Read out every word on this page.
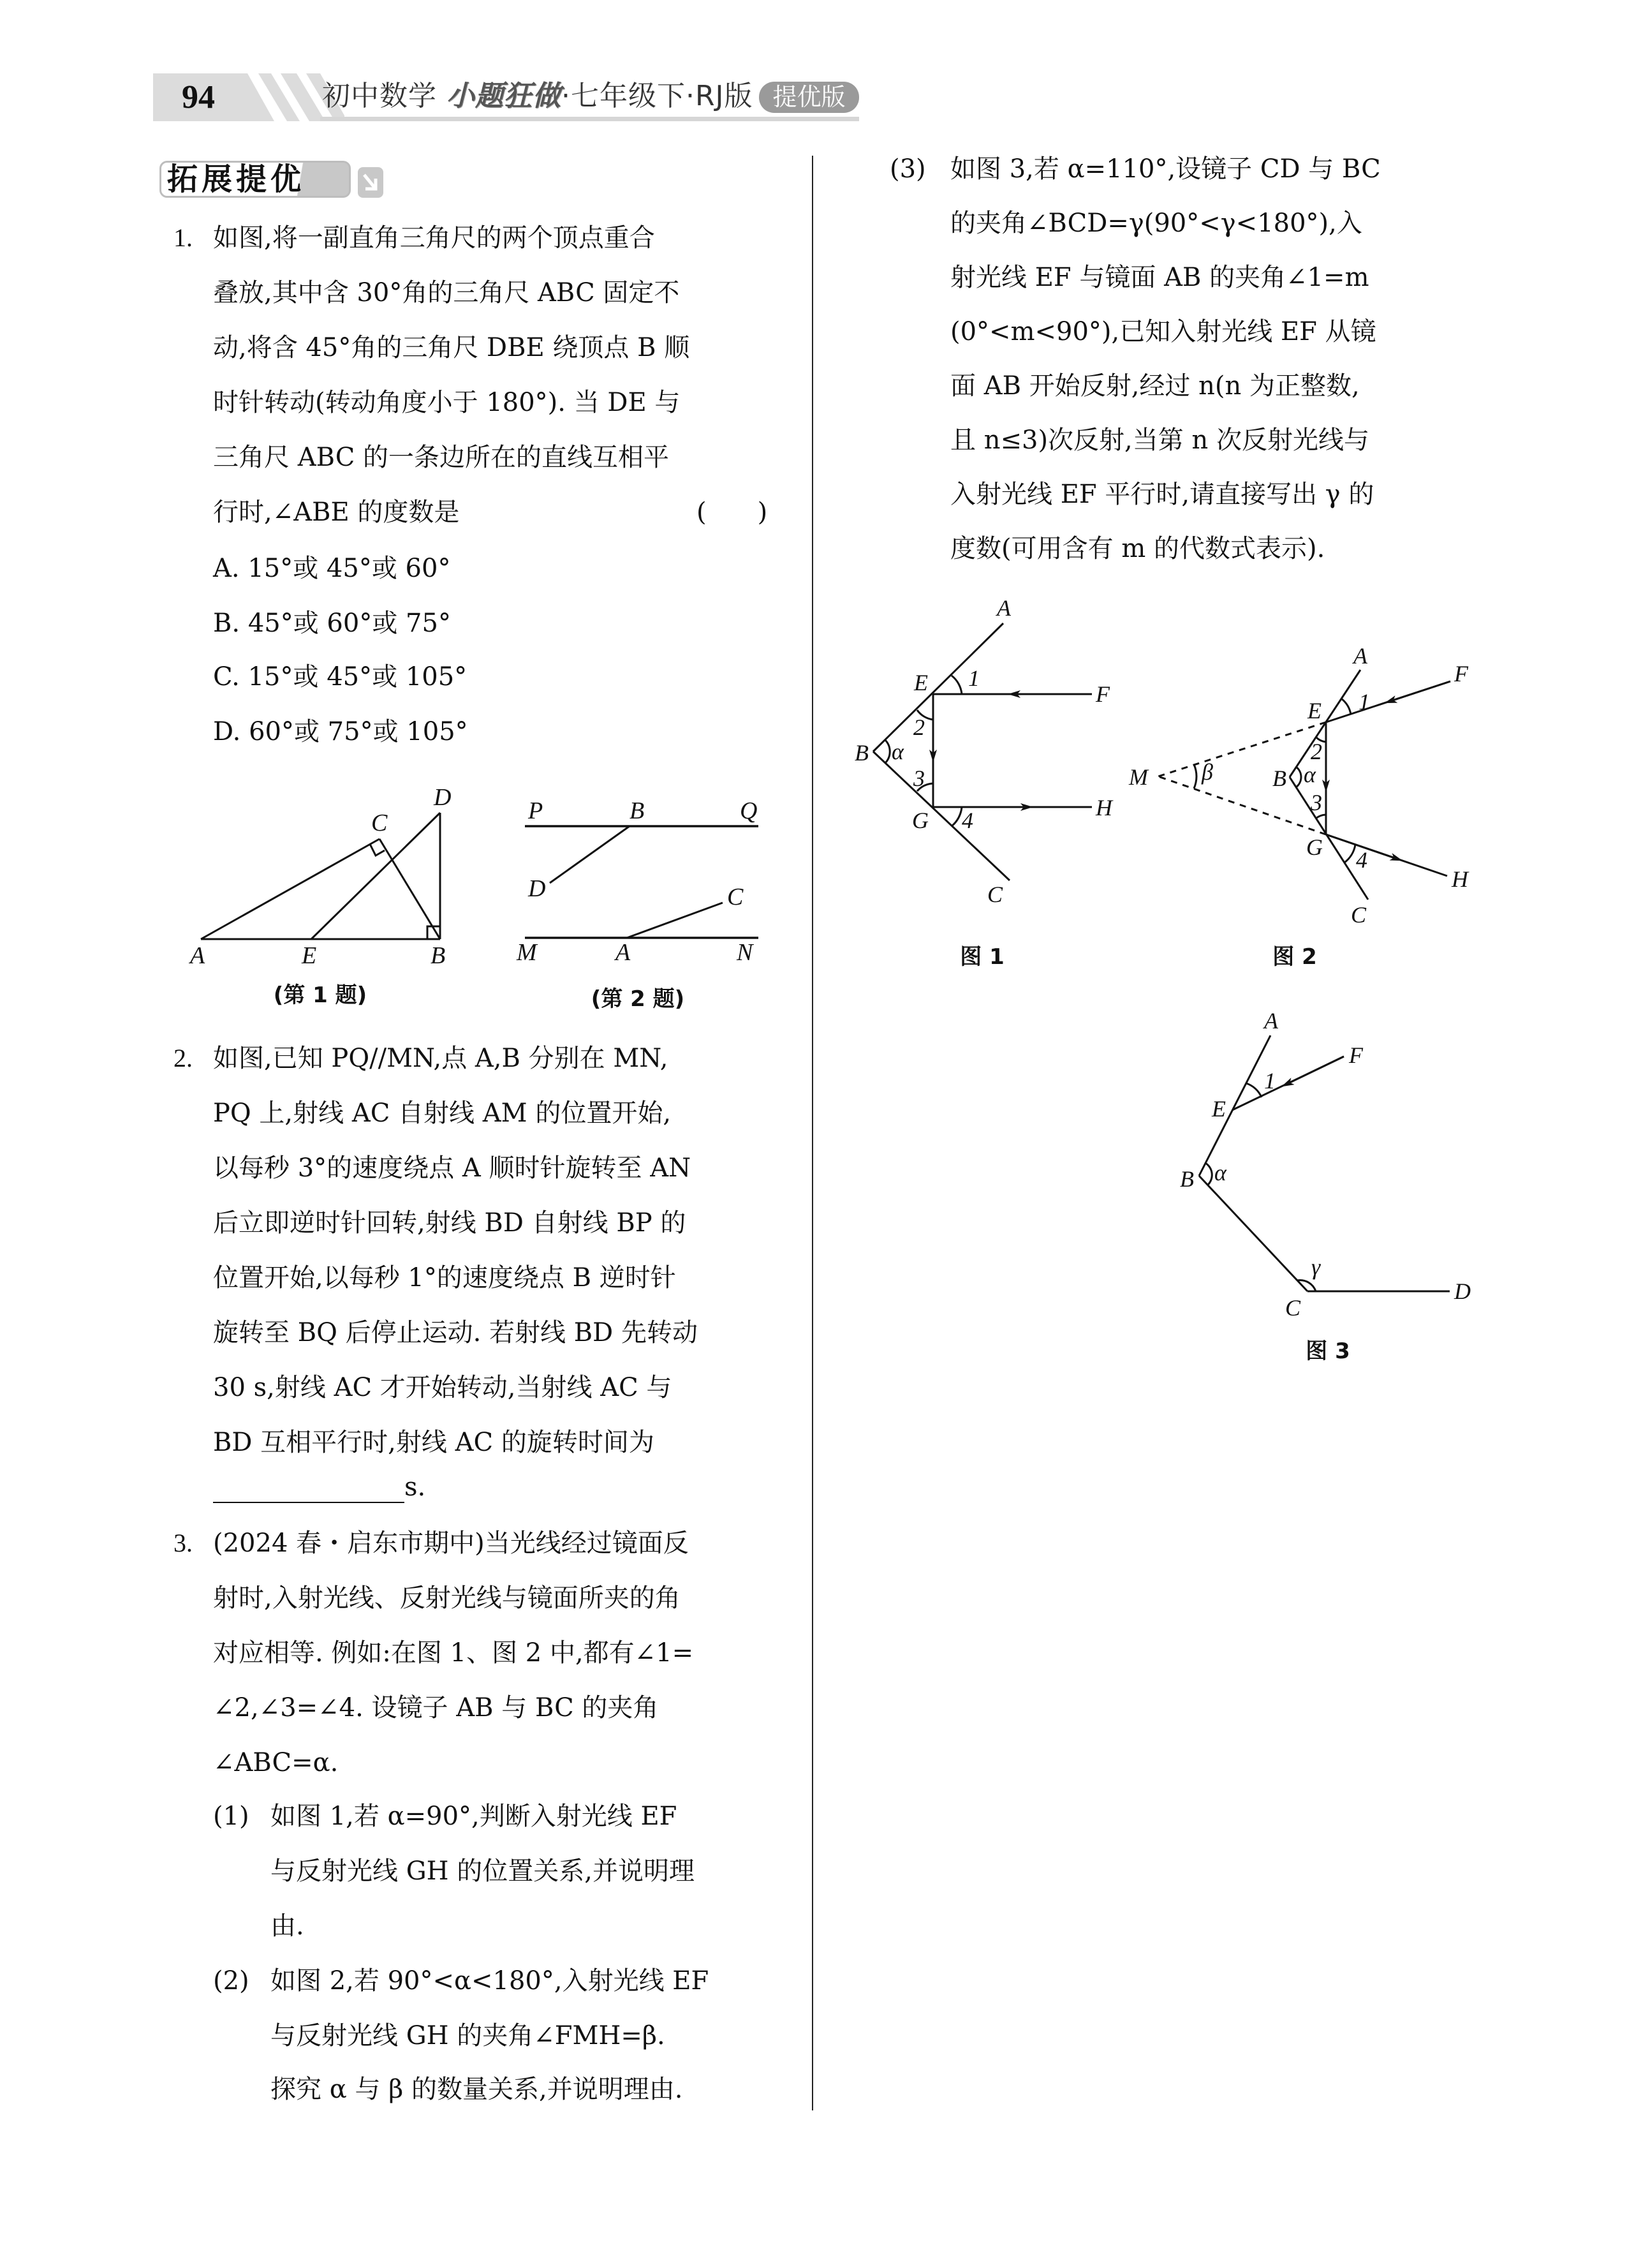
94	初中数学 小题狂做·七年级下·RJ版 提优版
拓展提优
1. 如图,将一副直角三角尺的两个顶点重合
叠放,其中含 30°角的三角尺 ABC 固定不
动,将含 45°角的三角尺 DBE 绕顶点 B 顺
时针转动(转动角度小于 180°). 当 DE 与
三角尺 ABC 的一条边所在的直线互相平
行时,∠ABE 的度数是	(　　)
A. 15°或 45°或 60°
B. 45°或 60°或 75°
C. 15°或 45°或 105°
D. 60°或 75°或 105°
A	E	B
C
D
(第 1 题)
P	B	Q
D	C
M	A	N
(第 2 题)
2. 如图,已知 PQ//MN,点 A,B 分别在 MN,
PQ 上,射线 AC 自射线 AM 的位置开始,
以每秒 3°的速度绕点 A 顺时针旋转至 AN
后立即逆时针回转,射线 BD 自射线 BP 的
位置开始,以每秒 1°的速度绕点 B 逆时针
旋转至 BQ 后停止运动. 若射线 BD 先转动
30 s,射线 AC 才开始转动,当射线 AC 与
BD 互相平行时,射线 AC 的旋转时间为
s.
3. (2024 春・启东市期中)当光线经过镜面反
射时,入射光线、反射光线与镜面所夹的角
对应相等. 例如:在图 1、图 2 中,都有∠1=
∠2,∠3=∠4. 设镜子 AB 与 BC 的夹角
∠ABC=α.
(1) 如图 1,若 α=90°,判断入射光线 EF
与反射光线 GH 的位置关系,并说明理
由.
(2) 如图 2,若 90°<α<180°,入射光线 EF
与反射光线 GH 的夹角∠FMH=β.
探究 α 与 β 的数量关系,并说明理由.
(3) 如图 3,若 α=110°,设镜子 CD 与 BC
的夹角∠BCD=γ(90°<γ<180°),入
射光线 EF 与镜面 AB 的夹角∠1=m
(0°<m<90°),已知入射光线 EF 从镜
面 AB 开始反射,经过 n(n 为正整数,
且 n≤3)次反射,当第 n 次反射光线与
入射光线 EF 平行时,请直接写出 γ 的
度数(可用含有 m 的代数式表示).
A
E	F
B
G	H
C
α
1
2
3
4
A
E
F
B
G
H
C
M	α
β
1
2
3
4
A
E
F
B
C
D
α
γ
1
图 1	图 2
图 3
